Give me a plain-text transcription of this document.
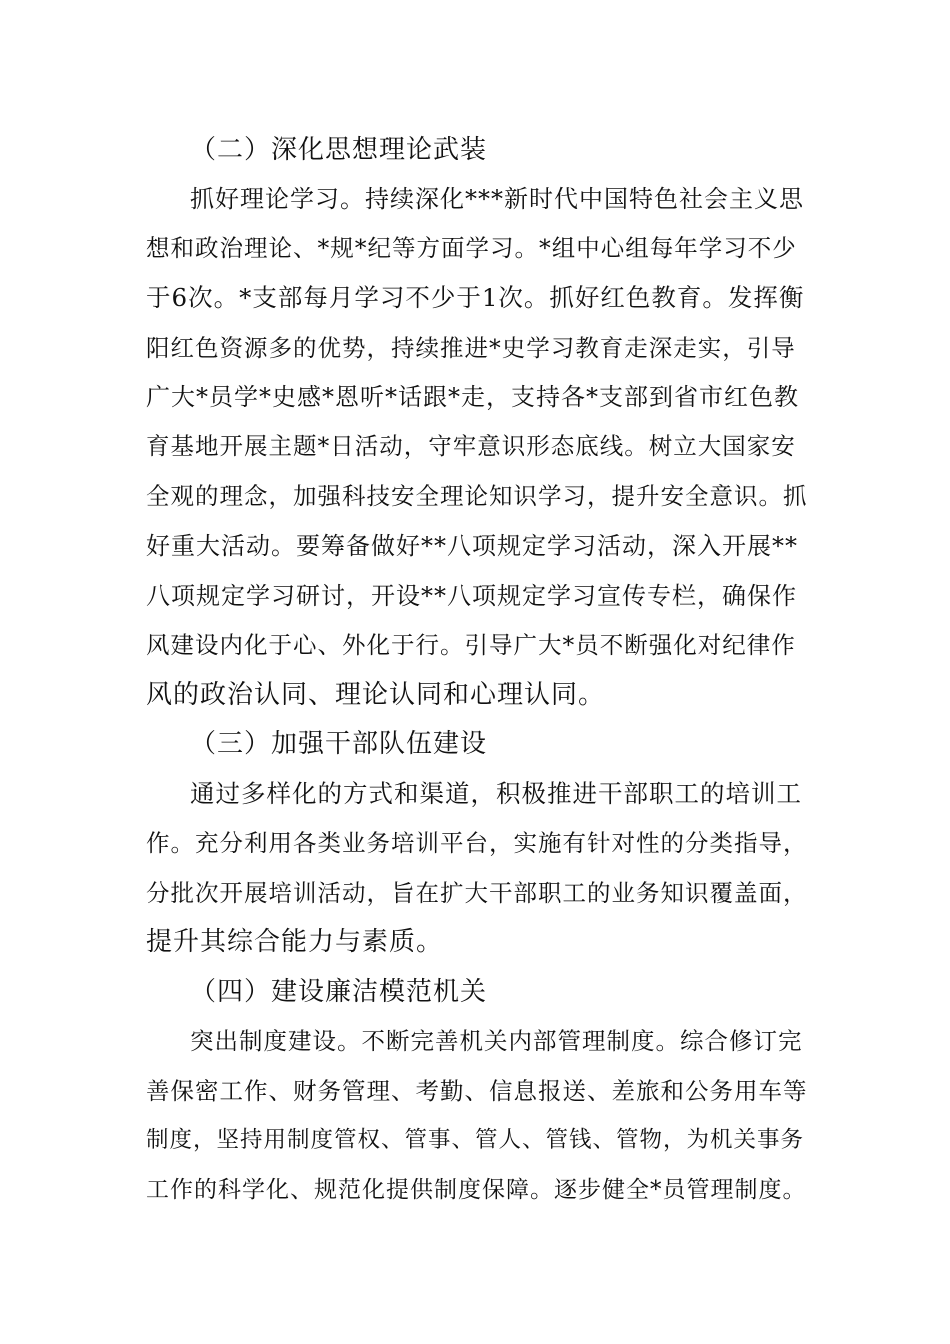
（二）深化思想理论武装
抓好理论学习。持续深化***新时代中国特色社会主义思
想和政治理论、*规*纪等方面学习。*组中心组每年学习不少
于6次。*支部每月学习不少于1次。抓好红色教育。发挥衡
阳红色资源多的优势，持续推进*史学习教育走深走实，引导
广大*员学*史感*恩听*话跟*走，支持各*支部到省市红色教
育基地开展主题*日活动，守牢意识形态底线。树立大国家安
全观的理念，加强科技安全理论知识学习，提升安全意识。抓
好重大活动。要筹备做好**八项规定学习活动，深入开展**
八项规定学习研讨，开设**八项规定学习宣传专栏，确保作
风建设内化于心、外化于行。引导广大*员不断强化对纪律作
风的政治认同、理论认同和心理认同。
（三）加强干部队伍建设
通过多样化的方式和渠道，积极推进干部职工的培训工
作。充分利用各类业务培训平台，实施有针对性的分类指导，
分批次开展培训活动，旨在扩大干部职工的业务知识覆盖面，
提升其综合能力与素质。
（四）建设廉洁模范机关
突出制度建设。不断完善机关内部管理制度。综合修订完
善保密工作、财务管理、考勤、信息报送、差旅和公务用车等
制度，坚持用制度管权、管事、管人、管钱、管物，为机关事务
工作的科学化、规范化提供制度保障。逐步健全*员管理制度。
